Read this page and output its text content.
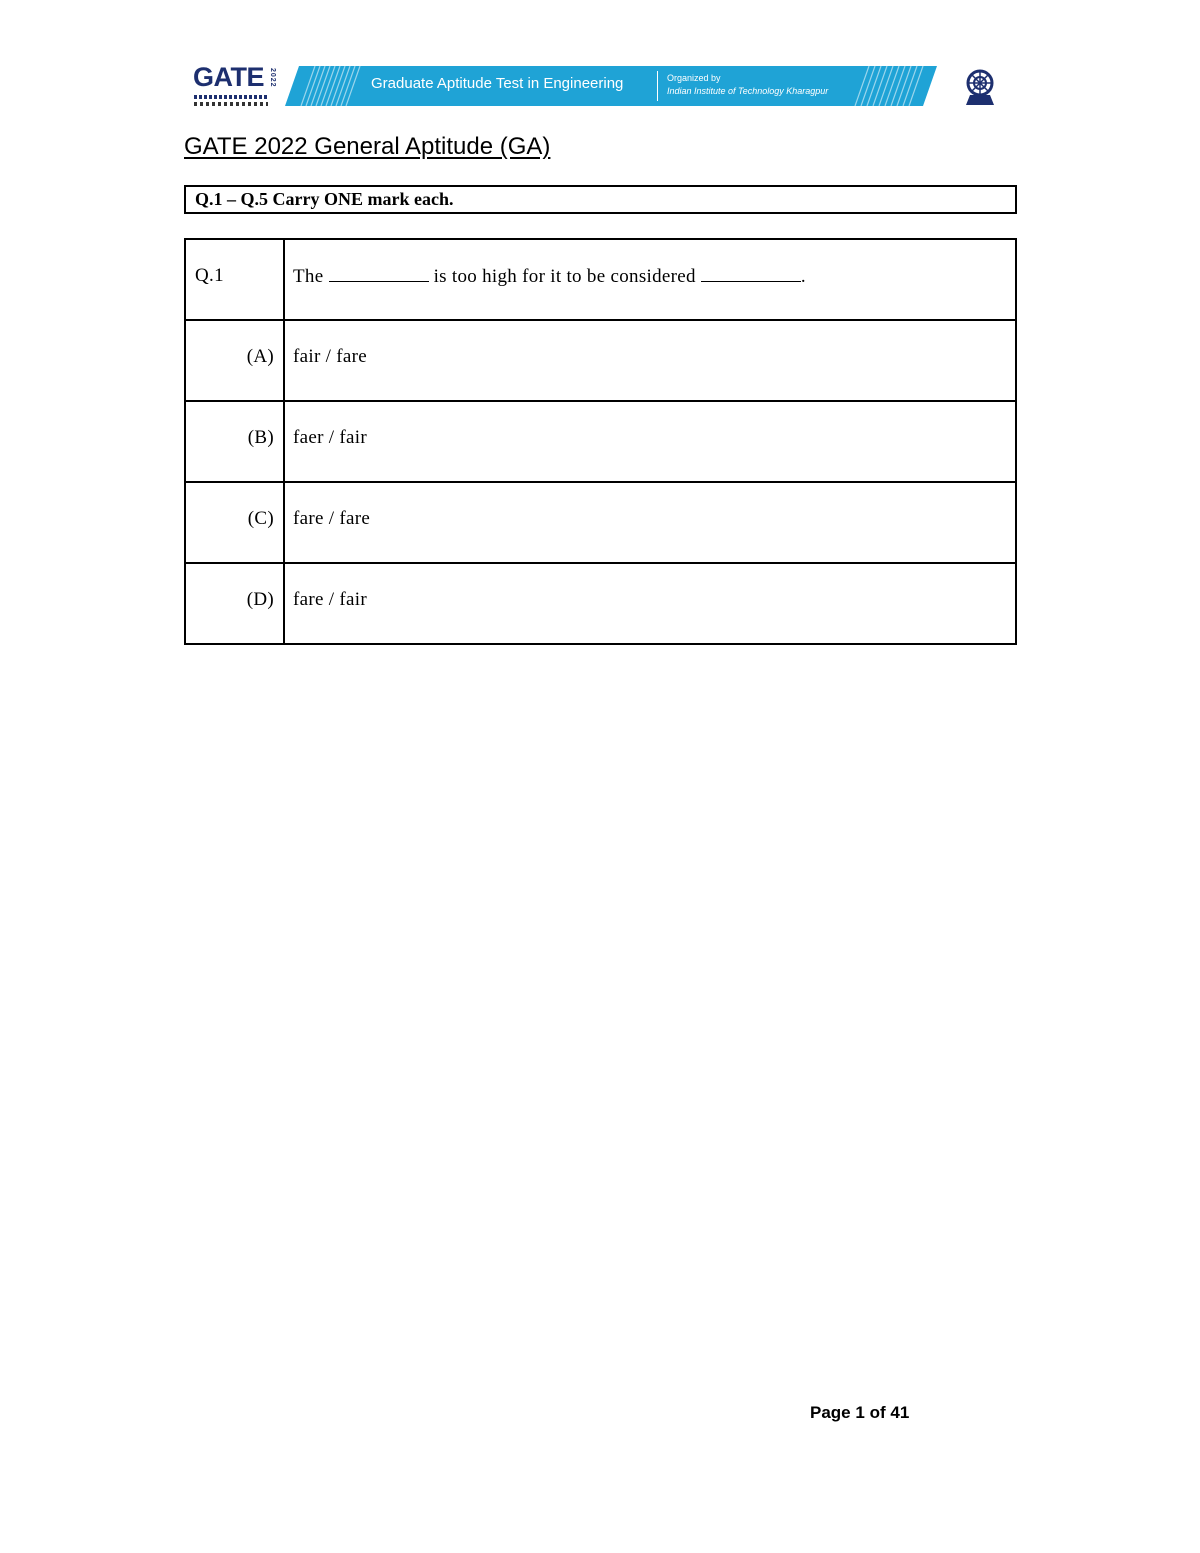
GATE 2022	Graduate Aptitude Test in Engineering	Organized by
Indian Institute of Technology Kharagpur
GATE 2022 General Aptitude (GA)
Q.1 – Q.5 Carry ONE mark each.
Q.1	The is too high for it to be considered .

(A)	fair / fare

(B)	faer / fair

(C)	fare / fare

(D)	fare / fair
Page 1 of 41
